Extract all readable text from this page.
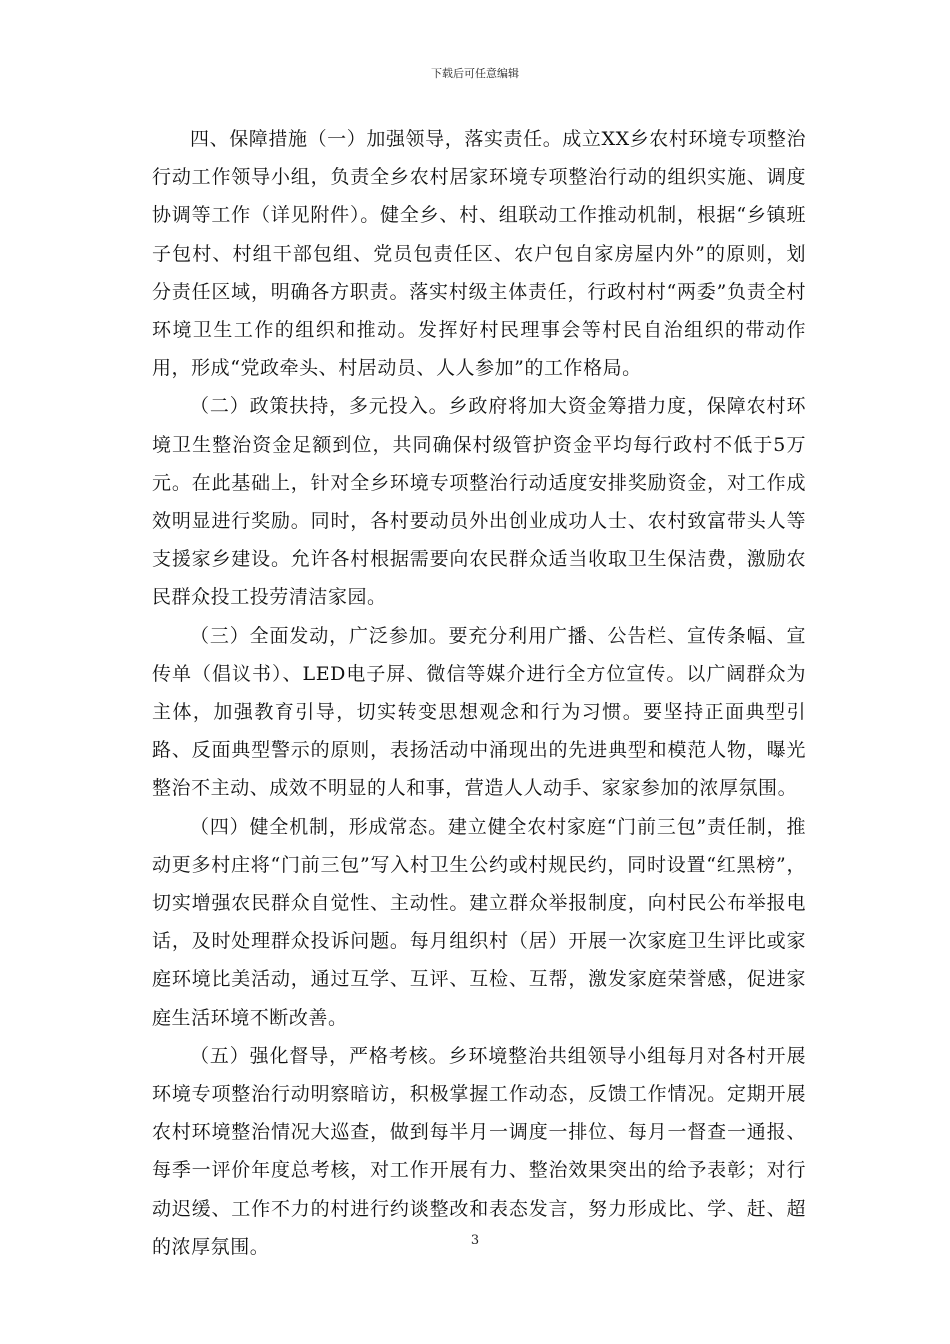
下载后可任意编辑

四、保障措施（一）加强领导，落实责任。成立XX乡农村环境专项整治行动工作领导小组，负责全乡农村居家环境专项整治行动的组织实施、调度协调等工作（详见附件）。健全乡、村、组联动工作推动机制，根据“乡镇班子包村、村组干部包组、党员包责任区、农户包自家房屋内外”的原则，划分责任区域，明确各方职责。落实村级主体责任，行政村村“两委”负责全村环境卫生工作的组织和推动。发挥好村民理事会等村民自治组织的带动作用，形成“党政牵头、村居动员、人人参加”的工作格局。

（二）政策扶持，多元投入。乡政府将加大资金筹措力度，保障农村环境卫生整治资金足额到位，共同确保村级管护资金平均每行政村不低于5万元。在此基础上，针对全乡环境专项整治行动适度安排奖励资金，对工作成效明显进行奖励。同时，各村要动员外出创业成功人士、农村致富带头人等支援家乡建设。允许各村根据需要向农民群众适当收取卫生保洁费，激励农民群众投工投劳清洁家园。

（三）全面发动，广泛参加。要充分利用广播、公告栏、宣传条幅、宣传单（倡议书）、LED电子屏、微信等媒介进行全方位宣传。以广阔群众为主体，加强教育引导，切实转变思想观念和行为习惯。要坚持正面典型引路、反面典型警示的原则，表扬活动中涌现出的先进典型和模范人物，曝光整治不主动、成效不明显的人和事，营造人人动手、家家参加的浓厚氛围。

（四）健全机制，形成常态。建立健全农村家庭“门前三包”责任制，推动更多村庄将“门前三包”写入村卫生公约或村规民约，同时设置“红黑榜”，切实增强农民群众自觉性、主动性。建立群众举报制度，向村民公布举报电话，及时处理群众投诉问题。每月组织村（居）开展一次家庭卫生评比或家庭环境比美活动，通过互学、互评、互检、互帮，激发家庭荣誉感，促进家庭生活环境不断改善。

（五）强化督导，严格考核。乡环境整治共组领导小组每月对各村开展环境专项整治行动明察暗访，积极掌握工作动态，反馈工作情况。定期开展农村环境整治情况大巡查，做到每半月一调度一排位、每月一督查一通报、每季一评价年度总考核，对工作开展有力、整治效果突出的给予表彰；对行动迟缓、工作不力的村进行约谈整改和表态发言，努力形成比、学、赶、超的浓厚氛围。	3
